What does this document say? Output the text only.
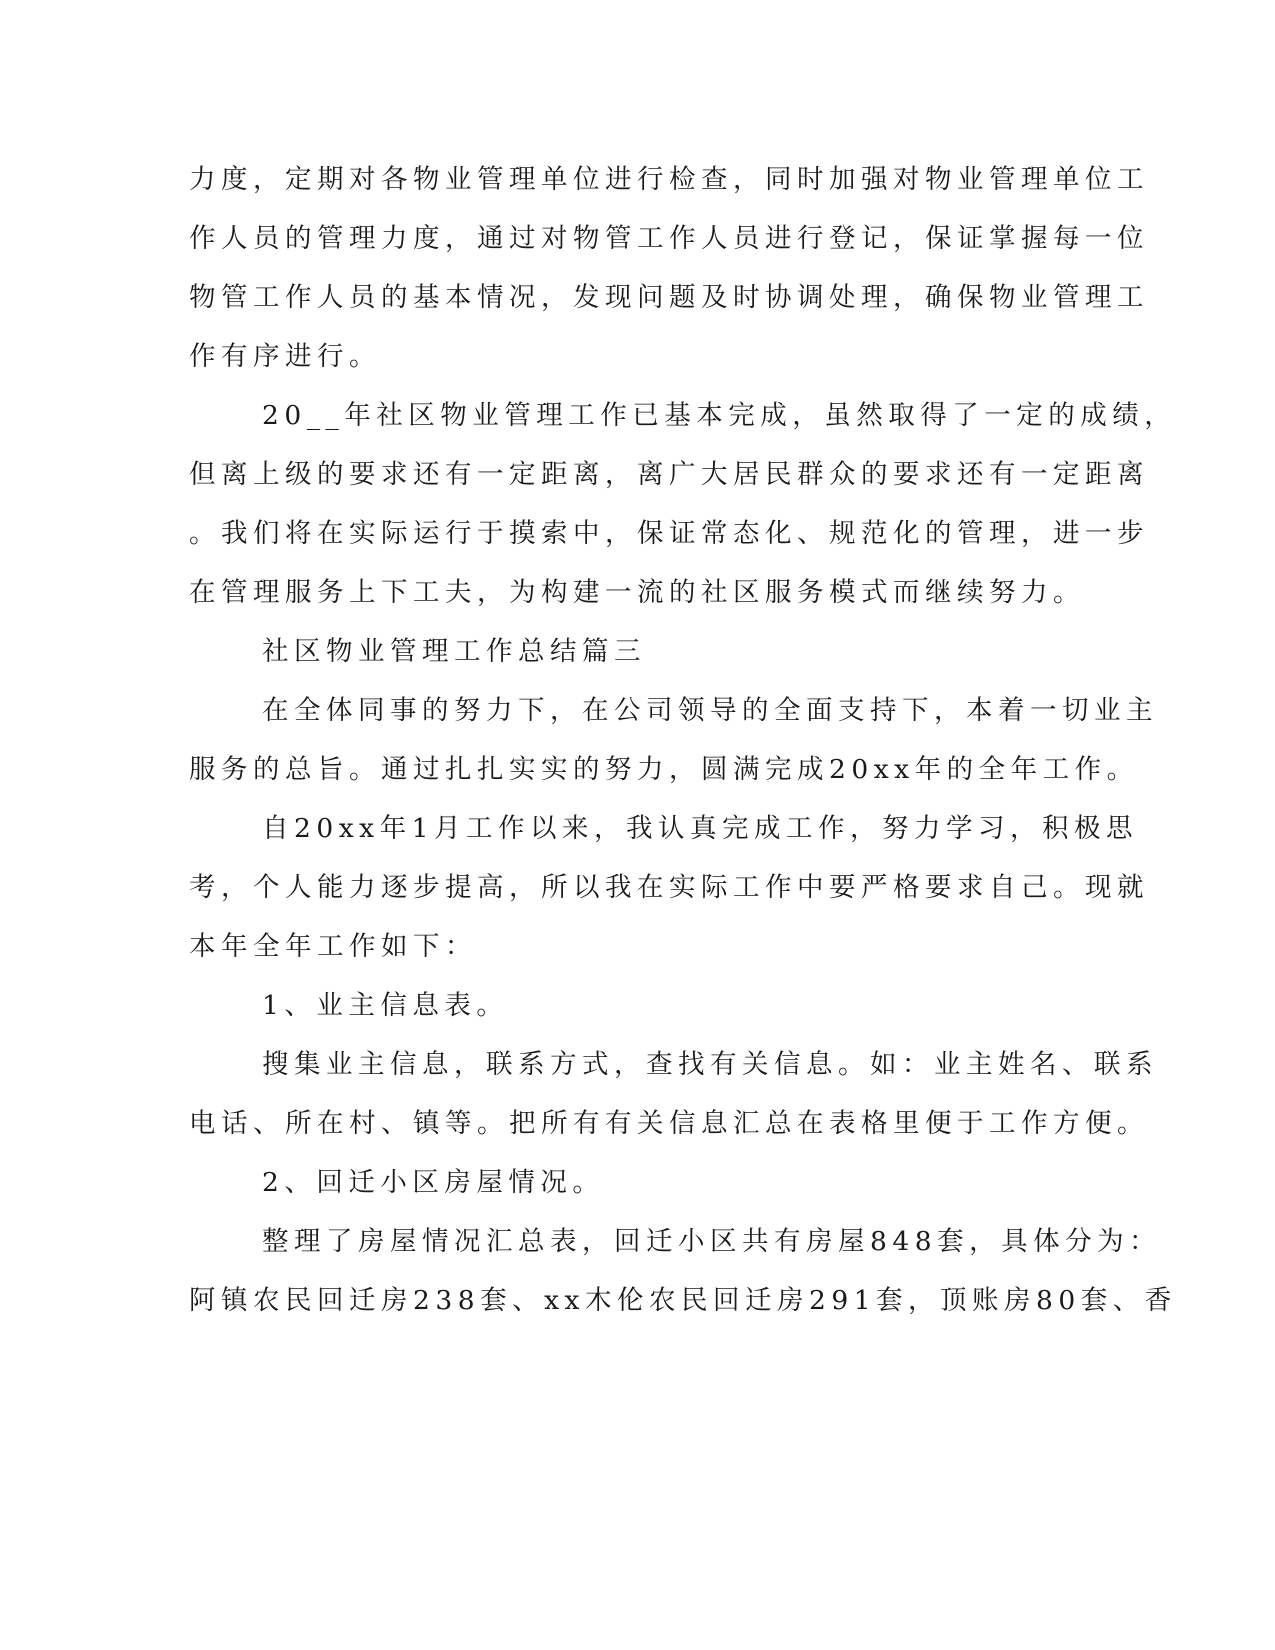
力度，定期对各物业管理单位进行检查，同时加强对物业管理单位工

作人员的管理力度，通过对物管工作人员进行登记，保证掌握每一位

物管工作人员的基本情况，发现问题及时协调处理，确保物业管理工

作有序进行。

20__年社区物业管理工作已基本完成，虽然取得了一定的成绩，

但离上级的要求还有一定距离，离广大居民群众的要求还有一定距离

。我们将在实际运行于摸索中，保证常态化、规范化的管理，进一步

在管理服务上下工夫，为构建一流的社区服务模式而继续努力。

社区物业管理工作总结篇三

在全体同事的努力下，在公司领导的全面支持下，本着一切业主

服务的总旨。通过扎扎实实的努力，圆满完成20xx年的全年工作。

自20xx年1月工作以来，我认真完成工作，努力学习，积极思

考，个人能力逐步提高，所以我在实际工作中要严格要求自己。现就

本年全年工作如下：

1、业主信息表。

搜集业主信息，联系方式，查找有关信息。如：业主姓名、联系

电话、所在村、镇等。把所有有关信息汇总在表格里便于工作方便。

2、回迁小区房屋情况。

整理了房屋情况汇总表，回迁小区共有房屋848套，具体分为：

阿镇农民回迁房238套、xx木伦农民回迁房291套，顶账房80套、香
